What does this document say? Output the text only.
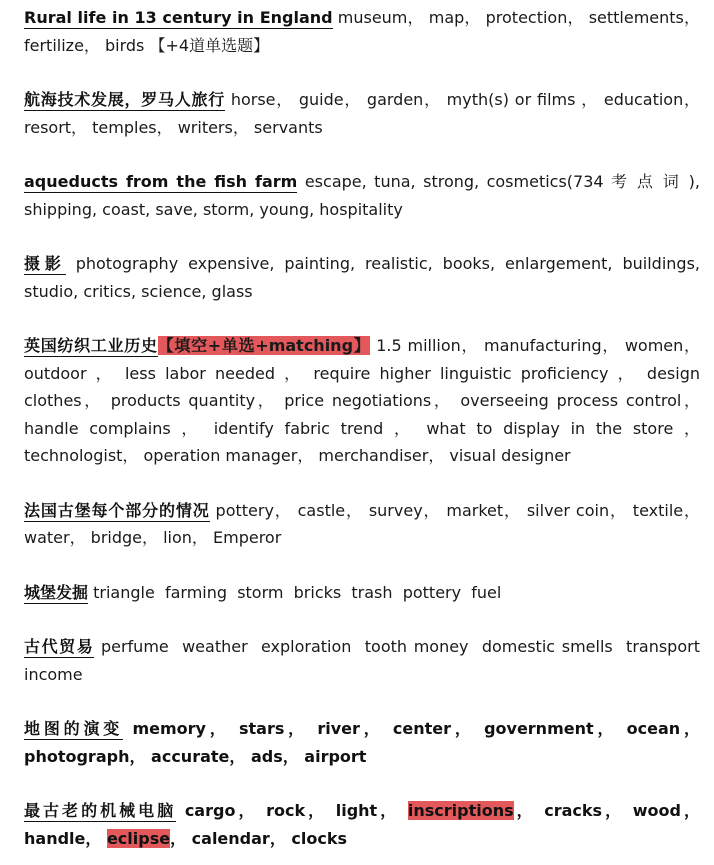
Rural life in 13 century in England museum， map， protection， settlements， fertilize， birds 【+4道单选题】

航海技术发展，罗马人旅行 horse， guide， garden， myth(s) or films ， education， resort， temples， writers， servants

aqueducts from the fish farm escape, tuna, strong, cosmetics(734 考 点 词 ), shipping, coast, save, storm, young, hospitality

摄影 photography expensive, painting, realistic, books, enlargement, buildings, studio, critics, science, glass

英国纺织工业历史【填空+单选+matching】 1.5 million， manufacturing， women， outdoor ， less labor needed ， require higher linguistic proficiency ， design clothes， products quantity， price negotiations， overseeing process control， handle complains ， identify fabric trend ， what to display in the store ， technologist， operation manager， merchandiser， visual designer

法国古堡每个部分的情况 pottery， castle， survey， market， silver coin， textile， water， bridge， lion， Emperor

城堡发掘 triangle  farming  storm  bricks  trash  pottery  fuel

古代贸易 perfume  weather  exploration  tooth money  domestic smells  transport  income

地图的演变 memory， stars， river， center， government， ocean， photograph， accurate， ads， airport

最古老的机械电脑 cargo， rock， light， inscriptions， cracks， wood， handle， eclipse， calendar， clocks
